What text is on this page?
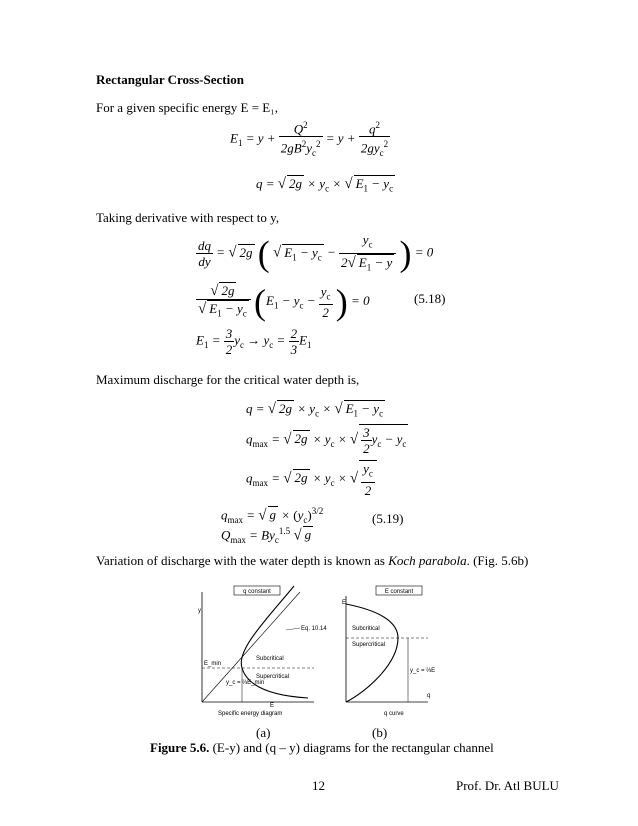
Rectangular Cross-Section
For a given specific energy E = E₁,
$E_1 = y + \frac{Q^2}{2gB^2y_c^2} = y + \frac{q^2}{2gy_c^2}$
q = √ $2g \times y_c$ × √ $E_1 - y_c$
Taking derivative with respect to y,
$\frac{dq}{dy}$ = √ 2g ( √ $E_1 - y_c - \frac{y_c}{2√ E_1 - y}$ ) = 0
$\frac{√ 2g}{√ E_1 - y_c} (E_1 - y_c - \frac{y_c}{2}$ ) = 0	(5.18)
$E_1 = \frac{3}{2} y_c \to y_c = \frac{2}{3} E_1$
Maximum discharge for the critical water depth is,
q = √ $2g \times y_c$ × √ $E_1 - y_c$
$q_{max}$ = √ $2g \times y_c$ × √ $\frac{3}{2} y_c - y_c$
$q_{max}$ = √ $2g \times y_c$ × √ $\frac{y_c}{2}$
$q_{max}$ = √ $g \times (y_c)^{3/2}$
$Q_{max} = By_c^{1.5}$ √ g
(5.19)
Variation of discharge with the water depth is known as Koch parabola. (Fig. 5.6b)
q constant
y
E
E_min
Subcritical
Supercritical
y_c = ⅔E_min
Eq. 10.14
Specific energy diagram
E constant
E
q
Subcritical
Supercritical
y_c = ⅔E
q curve
(a)	(b)
Figure 5.6. (E-y) and (q – y) diagrams for the rectangular channel
12	Prof. Dr. Atl BULU
